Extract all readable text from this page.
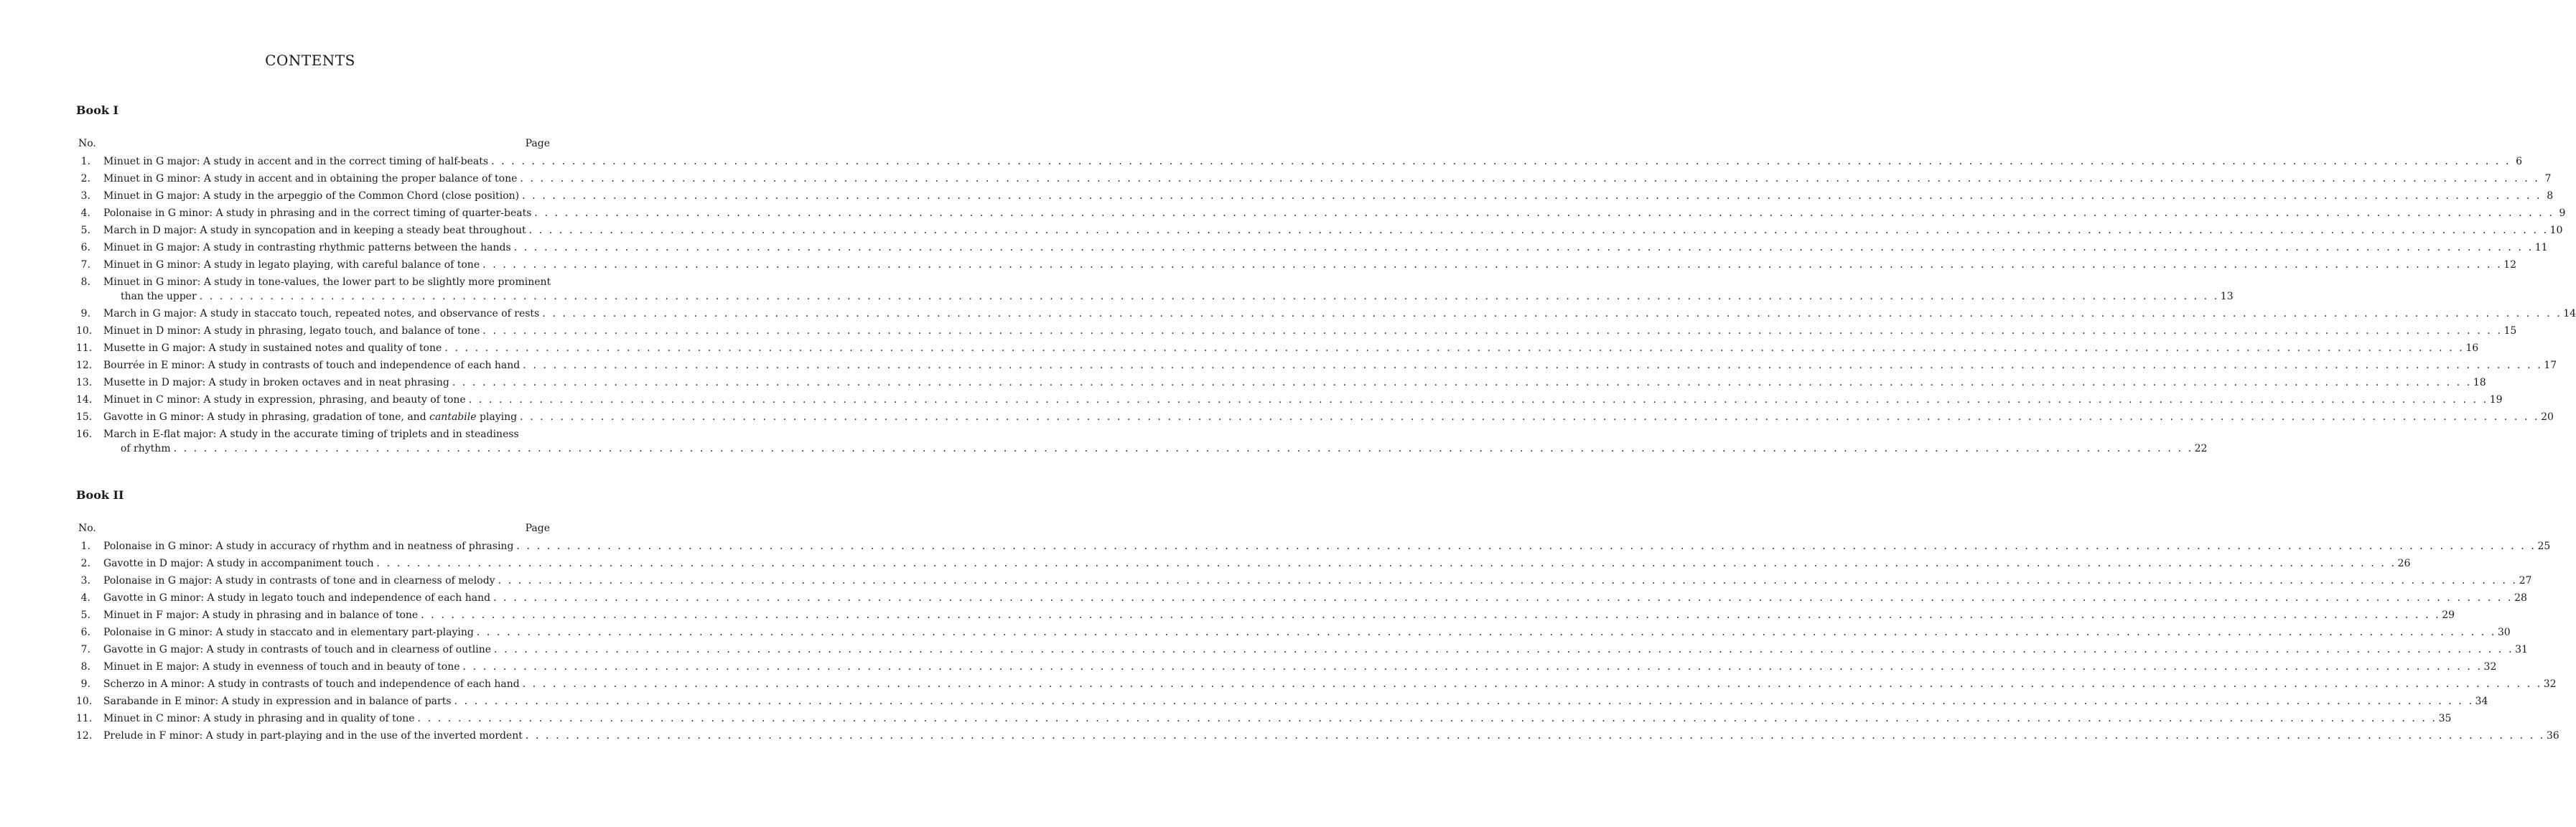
CONTENTS
Book I
No.	Page
1. Minuet in G major: A study in accent and in the correct timing of half-beats . . . . . . . . . . . . . . . . . . . . . . . . . . . . . . . . . . . . . . . . . . . . . . . . . . . . . . . . . . . . . . . . . . . . . . . . . . . . . . . . . . . . . . . . . . . . . . . . . . . . . . . . . . . . . . . . . . . . . . . . . . . . . . . . . . . . . . . . . . . . . . . . . . . . . . . . . . . . . . . . . . . . . . . . . . . . . . . . . . . . . . . . . . . . . . . . . . . . . . . . 6
2. Minuet in G minor: A study in accent and in obtaining the proper balance of tone . . . . . . . . . . . . . . . . . . . . . . . . . . . . . . . . . . . . . . . . . . . . . . . . . . . . . . . . . . . . . . . . . . . . . . . . . . . . . . . . . . . . . . . . . . . . . . . . . . . . . . . . . . . . . . . . . . . . . . . . . . . . . . . . . . . . . . . . . . . . . . . . . . . . . . . . . . . . . . . . . . . . . . . . . . . . . . . . . . . . . . . . . . . . . . . . . . . . . . . . 7
3. Minuet in G major: A study in the arpeggio of the Common Chord (close position) . . . . . . . . . . . . . . . . . . . . . . . . . . . . . . . . . . . . . . . . . . . . . . . . . . . . . . . . . . . . . . . . . . . . . . . . . . . . . . . . . . . . . . . . . . . . . . . . . . . . . . . . . . . . . . . . . . . . . . . . . . . . . . . . . . . . . . . . . . . . . . . . . . . . . . . . . . . . . . . . . . . . . . . . . . . . . . . . . . . . . . . . . . . . . . . . . . . . . . . . 8
4. Polonaise in G minor: A study in phrasing and in the correct timing of quarter-beats . . . . . . . . . . . . . . . . . . . . . . . . . . . . . . . . . . . . . . . . . . . . . . . . . . . . . . . . . . . . . . . . . . . . . . . . . . . . . . . . . . . . . . . . . . . . . . . . . . . . . . . . . . . . . . . . . . . . . . . . . . . . . . . . . . . . . . . . . . . . . . . . . . . . . . . . . . . . . . . . . . . . . . . . . . . . . . . . . . . . . . . . . . . . . . . . . . . . . . . . 9
5. March in D major: A study in syncopation and in keeping a steady beat throughout . . . . . . . . . . . . . . . . . . . . . . . . . . . . . . . . . . . . . . . . . . . . . . . . . . . . . . . . . . . . . . . . . . . . . . . . . . . . . . . . . . . . . . . . . . . . . . . . . . . . . . . . . . . . . . . . . . . . . . . . . . . . . . . . . . . . . . . . . . . . . . . . . . . . . . . . . . . . . . . . . . . . . . . . . . . . . . . . . . . . . . . . . . . . . . . . . . . . . . . . 10
6. Minuet in G major: A study in contrasting rhythmic patterns between the hands . . . . . . . . . . . . . . . . . . . . . . . . . . . . . . . . . . . . . . . . . . . . . . . . . . . . . . . . . . . . . . . . . . . . . . . . . . . . . . . . . . . . . . . . . . . . . . . . . . . . . . . . . . . . . . . . . . . . . . . . . . . . . . . . . . . . . . . . . . . . . . . . . . . . . . . . . . . . . . . . . . . . . . . . . . . . . . . . . . . . . . . . . . . . . . . . . . . . . . . . 11
7. Minuet in G minor: A study in legato playing, with careful balance of tone . . . . . . . . . . . . . . . . . . . . . . . . . . . . . . . . . . . . . . . . . . . . . . . . . . . . . . . . . . . . . . . . . . . . . . . . . . . . . . . . . . . . . . . . . . . . . . . . . . . . . . . . . . . . . . . . . . . . . . . . . . . . . . . . . . . . . . . . . . . . . . . . . . . . . . . . . . . . . . . . . . . . . . . . . . . . . . . . . . . . . . . . . . . . . . . . . . . . . . . . 12
8. Minuet in G minor: A study in tone-values, the lower part to be slightly more prominent
than the upper . . . . . . . . . . . . . . . . . . . . . . . . . . . . . . . . . . . . . . . . . . . . . . . . . . . . . . . . . . . . . . . . . . . . . . . . . . . . . . . . . . . . . . . . . . . . . . . . . . . . . . . . . . . . . . . . . . . . . . . . . . . . . . . . . . . . . . . . . . . . . . . . . . . . . . . . . . . . . . . . . . . . . . . . . . . . . . . . . . . . . . . . . . . . . . . . . . . . . . . . 13
9. March in G major: A study in staccato touch, repeated notes, and observance of rests . . . . . . . . . . . . . . . . . . . . . . . . . . . . . . . . . . . . . . . . . . . . . . . . . . . . . . . . . . . . . . . . . . . . . . . . . . . . . . . . . . . . . . . . . . . . . . . . . . . . . . . . . . . . . . . . . . . . . . . . . . . . . . . . . . . . . . . . . . . . . . . . . . . . . . . . . . . . . . . . . . . . . . . . . . . . . . . . . . . . . . . . . . . . . . . . . . . . . . . . 14
10. Minuet in D minor: A study in phrasing, legato touch, and balance of tone . . . . . . . . . . . . . . . . . . . . . . . . . . . . . . . . . . . . . . . . . . . . . . . . . . . . . . . . . . . . . . . . . . . . . . . . . . . . . . . . . . . . . . . . . . . . . . . . . . . . . . . . . . . . . . . . . . . . . . . . . . . . . . . . . . . . . . . . . . . . . . . . . . . . . . . . . . . . . . . . . . . . . . . . . . . . . . . . . . . . . . . . . . . . . . . . . . . . . . . . 15
11. Musette in G major: A study in sustained notes and quality of tone . . . . . . . . . . . . . . . . . . . . . . . . . . . . . . . . . . . . . . . . . . . . . . . . . . . . . . . . . . . . . . . . . . . . . . . . . . . . . . . . . . . . . . . . . . . . . . . . . . . . . . . . . . . . . . . . . . . . . . . . . . . . . . . . . . . . . . . . . . . . . . . . . . . . . . . . . . . . . . . . . . . . . . . . . . . . . . . . . . . . . . . . . . . . . . . . . . . . . . . . 16
12. Bourrée in E minor: A study in contrasts of touch and independence of each hand . . . . . . . . . . . . . . . . . . . . . . . . . . . . . . . . . . . . . . . . . . . . . . . . . . . . . . . . . . . . . . . . . . . . . . . . . . . . . . . . . . . . . . . . . . . . . . . . . . . . . . . . . . . . . . . . . . . . . . . . . . . . . . . . . . . . . . . . . . . . . . . . . . . . . . . . . . . . . . . . . . . . . . . . . . . . . . . . . . . . . . . . . . . . . . . . . . . . . . . . 17
13. Musette in D major: A study in broken octaves and in neat phrasing . . . . . . . . . . . . . . . . . . . . . . . . . . . . . . . . . . . . . . . . . . . . . . . . . . . . . . . . . . . . . . . . . . . . . . . . . . . . . . . . . . . . . . . . . . . . . . . . . . . . . . . . . . . . . . . . . . . . . . . . . . . . . . . . . . . . . . . . . . . . . . . . . . . . . . . . . . . . . . . . . . . . . . . . . . . . . . . . . . . . . . . . . . . . . . . . . . . . . . . . 18
14. Minuet in C minor: A study in expression, phrasing, and beauty of tone . . . . . . . . . . . . . . . . . . . . . . . . . . . . . . . . . . . . . . . . . . . . . . . . . . . . . . . . . . . . . . . . . . . . . . . . . . . . . . . . . . . . . . . . . . . . . . . . . . . . . . . . . . . . . . . . . . . . . . . . . . . . . . . . . . . . . . . . . . . . . . . . . . . . . . . . . . . . . . . . . . . . . . . . . . . . . . . . . . . . . . . . . . . . . . . . . . . . . . . . 19
15. Gavotte in G minor: A study in phrasing, gradation of tone, and cantabile playing . . . . . . . . . . . . . . . . . . . . . . . . . . . . . . . . . . . . . . . . . . . . . . . . . . . . . . . . . . . . . . . . . . . . . . . . . . . . . . . . . . . . . . . . . . . . . . . . . . . . . . . . . . . . . . . . . . . . . . . . . . . . . . . . . . . . . . . . . . . . . . . . . . . . . . . . . . . . . . . . . . . . . . . . . . . . . . . . . . . . . . . . . . . . . . . . . . . . . . . . 20
16. March in E-flat major: A study in the accurate timing of triplets and in steadiness
of rhythm . . . . . . . . . . . . . . . . . . . . . . . . . . . . . . . . . . . . . . . . . . . . . . . . . . . . . . . . . . . . . . . . . . . . . . . . . . . . . . . . . . . . . . . . . . . . . . . . . . . . . . . . . . . . . . . . . . . . . . . . . . . . . . . . . . . . . . . . . . . . . . . . . . . . . . . . . . . . . . . . . . . . . . . . . . . . . . . . . . . . . . . . . . . . . . . . . . . . . . . . 22
Book II
No.	Page
1. Polonaise in G minor: A study in accuracy of rhythm and in neatness of phrasing . . . . . . . . . . . . . . . . . . . . . . . . . . . . . . . . . . . . . . . . . . . . . . . . . . . . . . . . . . . . . . . . . . . . . . . . . . . . . . . . . . . . . . . . . . . . . . . . . . . . . . . . . . . . . . . . . . . . . . . . . . . . . . . . . . . . . . . . . . . . . . . . . . . . . . . . . . . . . . . . . . . . . . . . . . . . . . . . . . . . . . . . . . . . . . . . . . . . . . . . 25
2. Gavotte in D major: A study in accompaniment touch . . . . . . . . . . . . . . . . . . . . . . . . . . . . . . . . . . . . . . . . . . . . . . . . . . . . . . . . . . . . . . . . . . . . . . . . . . . . . . . . . . . . . . . . . . . . . . . . . . . . . . . . . . . . . . . . . . . . . . . . . . . . . . . . . . . . . . . . . . . . . . . . . . . . . . . . . . . . . . . . . . . . . . . . . . . . . . . . . . . . . . . . . . . . . . . . . . . . . . . . 26
3. Polonaise in G major: A study in contrasts of tone and in clearness of melody . . . . . . . . . . . . . . . . . . . . . . . . . . . . . . . . . . . . . . . . . . . . . . . . . . . . . . . . . . . . . . . . . . . . . . . . . . . . . . . . . . . . . . . . . . . . . . . . . . . . . . . . . . . . . . . . . . . . . . . . . . . . . . . . . . . . . . . . . . . . . . . . . . . . . . . . . . . . . . . . . . . . . . . . . . . . . . . . . . . . . . . . . . . . . . . . . . . . . . . . 27
4. Gavotte in G minor: A study in legato touch and independence of each hand . . . . . . . . . . . . . . . . . . . . . . . . . . . . . . . . . . . . . . . . . . . . . . . . . . . . . . . . . . . . . . . . . . . . . . . . . . . . . . . . . . . . . . . . . . . . . . . . . . . . . . . . . . . . . . . . . . . . . . . . . . . . . . . . . . . . . . . . . . . . . . . . . . . . . . . . . . . . . . . . . . . . . . . . . . . . . . . . . . . . . . . . . . . . . . . . . . . . . . . . 28
5. Minuet in F major: A study in phrasing and in balance of tone . . . . . . . . . . . . . . . . . . . . . . . . . . . . . . . . . . . . . . . . . . . . . . . . . . . . . . . . . . . . . . . . . . . . . . . . . . . . . . . . . . . . . . . . . . . . . . . . . . . . . . . . . . . . . . . . . . . . . . . . . . . . . . . . . . . . . . . . . . . . . . . . . . . . . . . . . . . . . . . . . . . . . . . . . . . . . . . . . . . . . . . . . . . . . . . . . . . . . . . . 29
6. Polonaise in G minor: A study in staccato and in elementary part-playing . . . . . . . . . . . . . . . . . . . . . . . . . . . . . . . . . . . . . . . . . . . . . . . . . . . . . . . . . . . . . . . . . . . . . . . . . . . . . . . . . . . . . . . . . . . . . . . . . . . . . . . . . . . . . . . . . . . . . . . . . . . . . . . . . . . . . . . . . . . . . . . . . . . . . . . . . . . . . . . . . . . . . . . . . . . . . . . . . . . . . . . . . . . . . . . . . . . . . . . . 30
7. Gavotte in G major: A study in contrasts of touch and in clearness of outline . . . . . . . . . . . . . . . . . . . . . . . . . . . . . . . . . . . . . . . . . . . . . . . . . . . . . . . . . . . . . . . . . . . . . . . . . . . . . . . . . . . . . . . . . . . . . . . . . . . . . . . . . . . . . . . . . . . . . . . . . . . . . . . . . . . . . . . . . . . . . . . . . . . . . . . . . . . . . . . . . . . . . . . . . . . . . . . . . . . . . . . . . . . . . . . . . . . . . . . . 31
8. Minuet in E major: A study in evenness of touch and in beauty of tone . . . . . . . . . . . . . . . . . . . . . . . . . . . . . . . . . . . . . . . . . . . . . . . . . . . . . . . . . . . . . . . . . . . . . . . . . . . . . . . . . . . . . . . . . . . . . . . . . . . . . . . . . . . . . . . . . . . . . . . . . . . . . . . . . . . . . . . . . . . . . . . . . . . . . . . . . . . . . . . . . . . . . . . . . . . . . . . . . . . . . . . . . . . . . . . . . . . . . . . . 32
9. Scherzo in A minor: A study in contrasts of touch and independence of each hand . . . . . . . . . . . . . . . . . . . . . . . . . . . . . . . . . . . . . . . . . . . . . . . . . . . . . . . . . . . . . . . . . . . . . . . . . . . . . . . . . . . . . . . . . . . . . . . . . . . . . . . . . . . . . . . . . . . . . . . . . . . . . . . . . . . . . . . . . . . . . . . . . . . . . . . . . . . . . . . . . . . . . . . . . . . . . . . . . . . . . . . . . . . . . . . . . . . . . . . . 32
10. Sarabande in E minor: A study in expression and in balance of parts . . . . . . . . . . . . . . . . . . . . . . . . . . . . . . . . . . . . . . . . . . . . . . . . . . . . . . . . . . . . . . . . . . . . . . . . . . . . . . . . . . . . . . . . . . . . . . . . . . . . . . . . . . . . . . . . . . . . . . . . . . . . . . . . . . . . . . . . . . . . . . . . . . . . . . . . . . . . . . . . . . . . . . . . . . . . . . . . . . . . . . . . . . . . . . . . . . . . . . . . 34
11. Minuet in C minor: A study in phrasing and in quality of tone . . . . . . . . . . . . . . . . . . . . . . . . . . . . . . . . . . . . . . . . . . . . . . . . . . . . . . . . . . . . . . . . . . . . . . . . . . . . . . . . . . . . . . . . . . . . . . . . . . . . . . . . . . . . . . . . . . . . . . . . . . . . . . . . . . . . . . . . . . . . . . . . . . . . . . . . . . . . . . . . . . . . . . . . . . . . . . . . . . . . . . . . . . . . . . . . . . . . . . . . 35
12. Prelude in F minor: A study in part-playing and in the use of the inverted mordent . . . . . . . . . . . . . . . . . . . . . . . . . . . . . . . . . . . . . . . . . . . . . . . . . . . . . . . . . . . . . . . . . . . . . . . . . . . . . . . . . . . . . . . . . . . . . . . . . . . . . . . . . . . . . . . . . . . . . . . . . . . . . . . . . . . . . . . . . . . . . . . . . . . . . . . . . . . . . . . . . . . . . . . . . . . . . . . . . . . . . . . . . . . . . . . . . . . . . . . . 36
